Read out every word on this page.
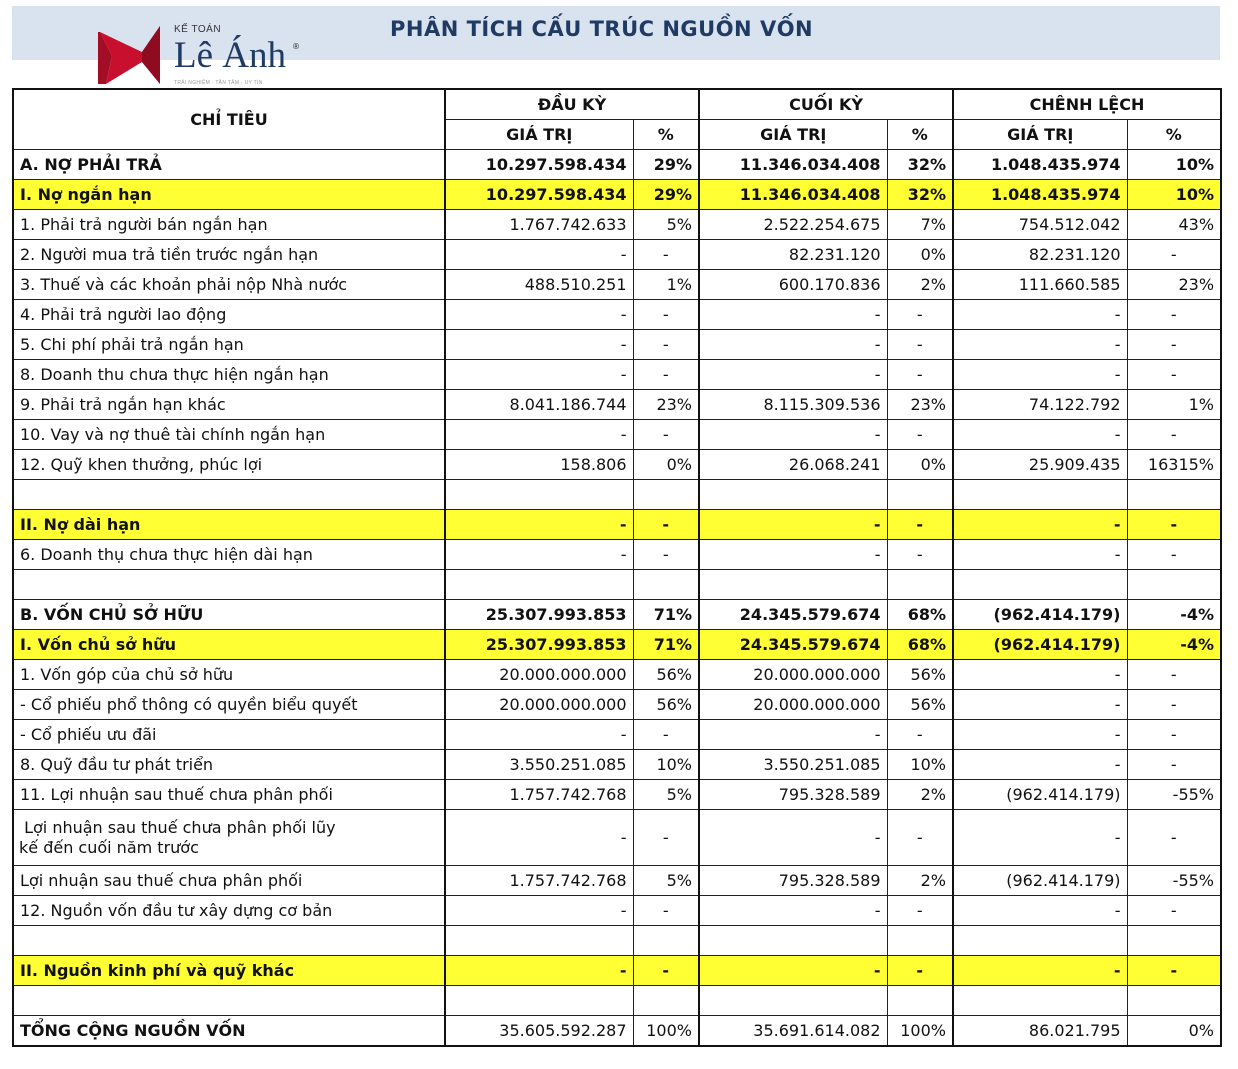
KẾ TOÁN
Lê Ánh ®
TRẢI NGHIỆM · TẬN TÂM · UY TÍN
PHÂN TÍCH CẤU TRÚC NGUỒN VỐN
CHỈ TIÊU	ĐẦU KỲ		CUỐI KỲ		CHÊNH LỆCH	
	GIÁ TRỊ	%	GIÁ TRỊ	%	GIÁ TRỊ	%
A. NỢ PHẢI TRẢ	10.297.598.434	29%	11.346.034.408	32%	1.048.435.974	10%
I. Nợ ngắn hạn	10.297.598.434	29%	11.346.034.408	32%	1.048.435.974	10%
1. Phải trả người bán ngắn hạn	1.767.742.633	5%	2.522.254.675	7%	754.512.042	43%
2. Người mua trả tiền trước ngắn hạn	-	-	82.231.120	0%	82.231.120	-
3. Thuế và các khoản phải nộp Nhà nước	488.510.251	1%	600.170.836	2%	111.660.585	23%
4. Phải trả người lao động	-	-	-	-	-	-
5. Chi phí phải trả ngắn hạn	-	-	-	-	-	-
8. Doanh thu chưa thực hiện ngắn hạn	-	-	-	-	-	-
9. Phải trả ngắn hạn khác	8.041.186.744	23%	8.115.309.536	23%	74.122.792	1%
10. Vay và nợ thuê tài chính ngắn hạn	-	-	-	-	-	-
12. Quỹ khen thưởng, phúc lợi	158.806	0%	26.068.241	0%	25.909.435	16315%

II. Nợ dài hạn	-	-	-	-	-	-
6. Doanh thụ chưa thực hiện dài hạn	-	-	-	-	-	-

B. VỐN CHỦ SỞ HỮU	25.307.993.853	71%	24.345.579.674	68%	(962.414.179)	-4%
I. Vốn chủ sở hữu	25.307.993.853	71%	24.345.579.674	68%	(962.414.179)	-4%
1. Vốn góp của chủ sở hữu	20.000.000.000	56%	20.000.000.000	56%	-	-
- Cổ phiếu phổ thông có quyền biểu quyết	20.000.000.000	56%	20.000.000.000	56%	-	-
- Cổ phiếu ưu đãi	-	-	-	-	-	-
8. Quỹ đầu tư phát triển	3.550.251.085	10%	3.550.251.085	10%	-	-
11. Lợi nhuận sau thuế chưa phân phối	1.757.742.768	5%	795.328.589	2%	(962.414.179)	-55%
Lợi nhuận sau thuế chưa phân phối lũy
kế đến cuối năm trước	-	-	-	-	-	-
Lợi nhuận sau thuế chưa phân phối	1.757.742.768	5%	795.328.589	2%	(962.414.179)	-55%
12. Nguồn vốn đầu tư xây dựng cơ bản	-	-	-	-	-	-

II. Nguồn kinh phí và quỹ khác	-	-	-	-	-	-

TỔNG CỘNG NGUỒN VỐN	35.605.592.287	100%	35.691.614.082	100%	86.021.795	0%
